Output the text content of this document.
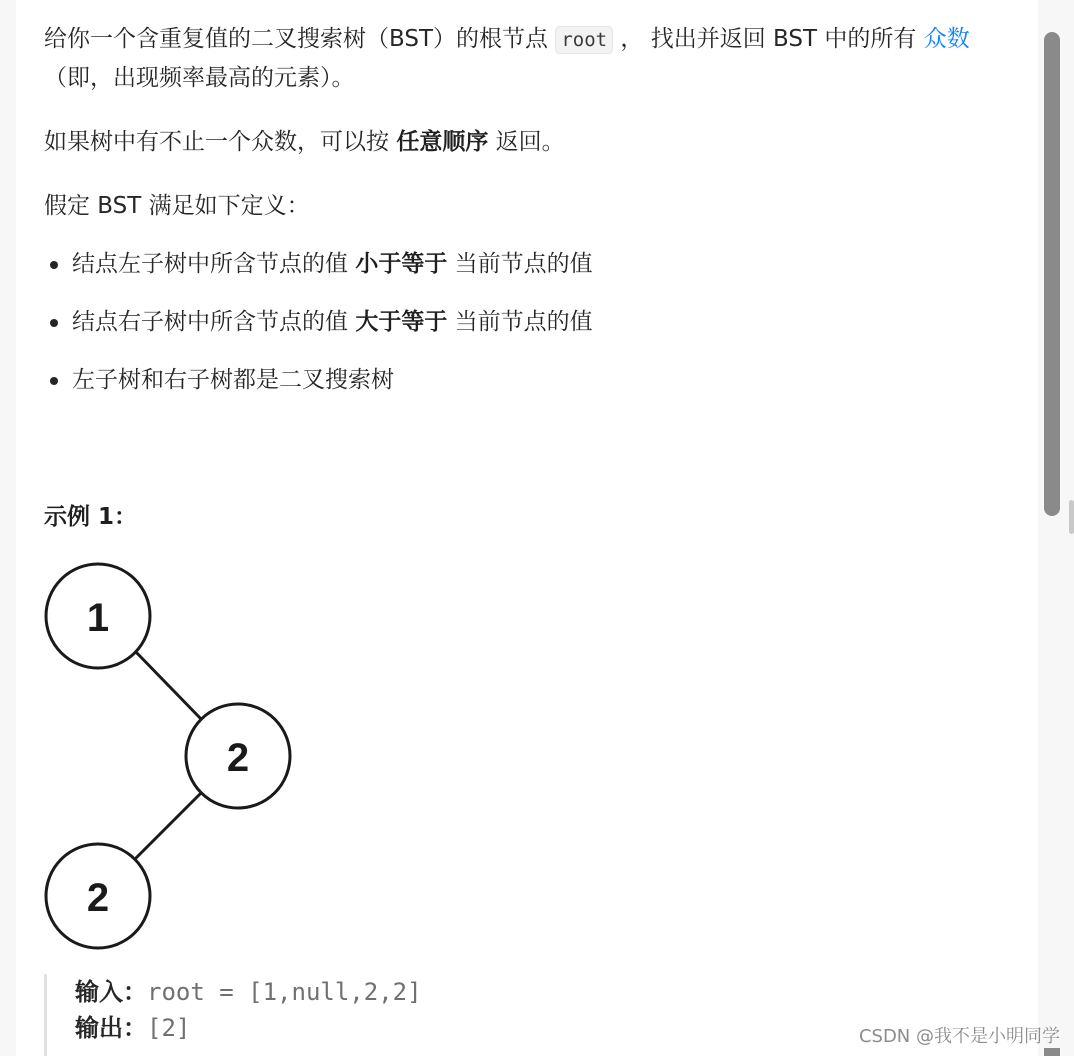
给你一个含重复值的二叉搜索树（BST）的根节点 root ， 找出并返回 BST 中的所有 众数
（即，出现频率最高的元素）。

如果树中有不止一个众数，可以按 任意顺序 返回。

假定 BST 满足如下定义：

结点左子树中所含节点的值 小于等于 当前节点的值
结点右子树中所含节点的值 大于等于 当前节点的值
左子树和右子树都是二叉搜索树
示例 1：
1
2
2
输入：root = [1,null,2,2]
输出：[2]	CSDN @我不是小明同学
